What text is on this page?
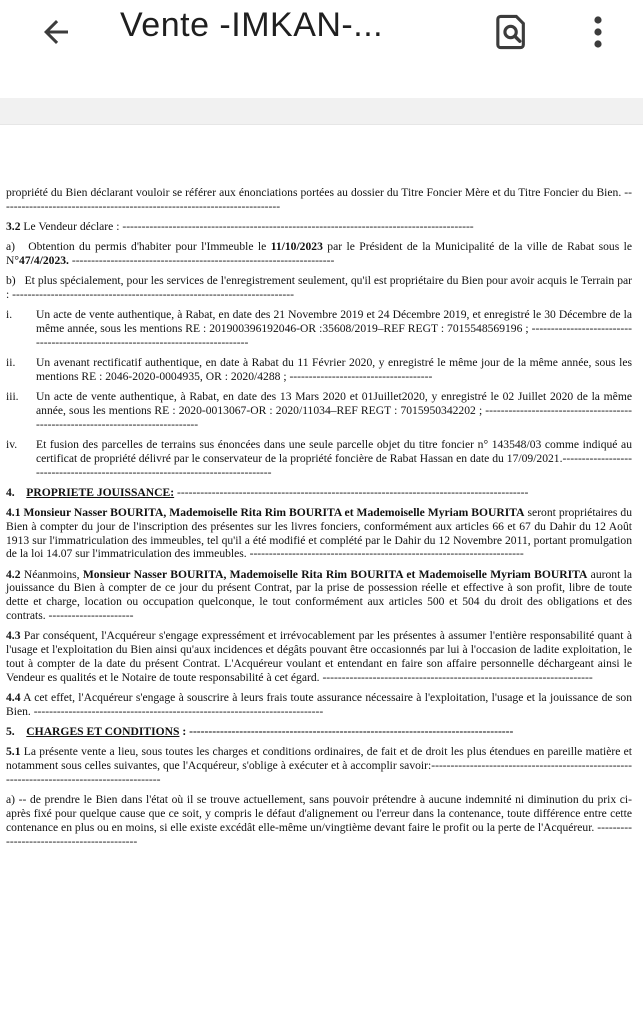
Vente -IMKAN-...

propriété du Bien déclarant vouloir se référer aux énonciations portées au dossier du Titre Foncier Mère et du Titre Foncier du Bien. -------------------------------------------------------------------------

3.2 Le Vendeur déclare : -------------------------------------------------------------------------------------------

a) Obtention du permis d'habiter pour l'Immeuble le 11/10/2023 par le Président de la Municipalité de la ville de Rabat sous le N°47/4/2023. --------------------------------------------------------------------

b) Et plus spécialement, pour les services de l'enregistrement seulement, qu'il est propriétaire du Bien pour avoir acquis le Terrain par : -------------------------------------------------------------------------

i.	Un acte de vente authentique, à Rabat, en date des 21 Novembre 2019 et 24 Décembre 2019, et enregistré le 30 Décembre de la même année, sous les mentions RE : 201900396192046-OR :35608/2019–REF REGT : 7015548569196 ; ---------------------------------------------------------------------------------
ii.	Un avenant rectificatif authentique, en date à Rabat du 11 Février 2020, y enregistré le même jour de la même année, sous les mentions RE : 2046-2020-0004935, OR : 2020/4288 ; -------------------------------------
iii.	Un acte de vente authentique, à Rabat, en date des 13 Mars 2020 et 01Juillet2020, y enregistré le 02 Juillet 2020 de la même année, sous les mentions RE : 2020-0013067-OR : 2020/11034–REF REGT : 7015950342202 ; --------------------------------------------------------------------------------
iv.	Et fusion des parcelles de terrains sus énoncées dans une seule parcelle objet du titre foncier n° 143548/03 comme indiqué au certificat de propriété délivré par le conservateur de la propriété foncière de Rabat Hassan en date du 17/09/2021.-------------------------------------------------------------------------------
4. PROPRIETE JOUISSANCE: -------------------------------------------------------------------------------------------

4.1 Monsieur Nasser BOURITA, Mademoiselle Rita Rim BOURITA et Mademoiselle Myriam BOURITA seront propriétaires du Bien à compter du jour de l'inscription des présentes sur les livres fonciers, conformément aux articles 66 et 67 du Dahir du 12 Août 1913 sur l'immatriculation des immeubles, tel qu'il a été modifié et complété par le Dahir du 12 Novembre 2011, portant promulgation de la loi 14.07 sur l'immatriculation des immeubles. -----------------------------------------------------------------------

4.2 Néanmoins, Monsieur Nasser BOURITA, Mademoiselle Rita Rim BOURITA et Mademoiselle Myriam BOURITA auront la jouissance du Bien à compter de ce jour du présent Contrat, par la prise de possession réelle et effective à son profit, libre de toute dette et charge, location ou occupation quelconque, le tout conformément aux articles 500 et 504 du droit des obligations et des contrats. ----------------------

4.3 Par conséquent, l'Acquéreur s'engage expressément et irrévocablement par les présentes à assumer l'entière responsabilité quant à l'usage et l'exploitation du Bien ainsi qu'aux incidences et dégâts pouvant être occasionnés par lui à l'occasion de ladite exploitation, le tout à compter de la date du présent Contrat. L'Acquéreur voulant et entendant en faire son affaire personnelle déchargeant ainsi le Vendeur es qualités et le Notaire de toute responsabilité à cet égard. ----------------------------------------------------------------------

4.4 A cet effet, l'Acquéreur s'engage à souscrire à leurs frais toute assurance nécessaire à l'exploitation, l'usage et la jouissance de son Bien. ---------------------------------------------------------------------------

5. CHARGES ET CONDITIONS : ------------------------------------------------------------------------------------

5.1 La présente vente a lieu, sous toutes les charges et conditions ordinaires, de fait et de droit les plus étendues en pareille matière et notamment sous celles suivantes, que l'Acquéreur, s'oblige à exécuter et à accomplir savoir:--------------------------------------------------------------------------------------------

a) -- de prendre le Bien dans l'état où il se trouve actuellement, sans pouvoir prétendre à aucune indemnité ni diminution du prix ci-après fixé pour quelque cause que ce soit, y compris le défaut d'alignement ou l'erreur dans la contenance, toute différence entre cette contenance en plus ou en moins, si elle existe excédât elle-même un/vingtième devant faire le profit ou la perte de l'Acquéreur. -------------------------------------------
